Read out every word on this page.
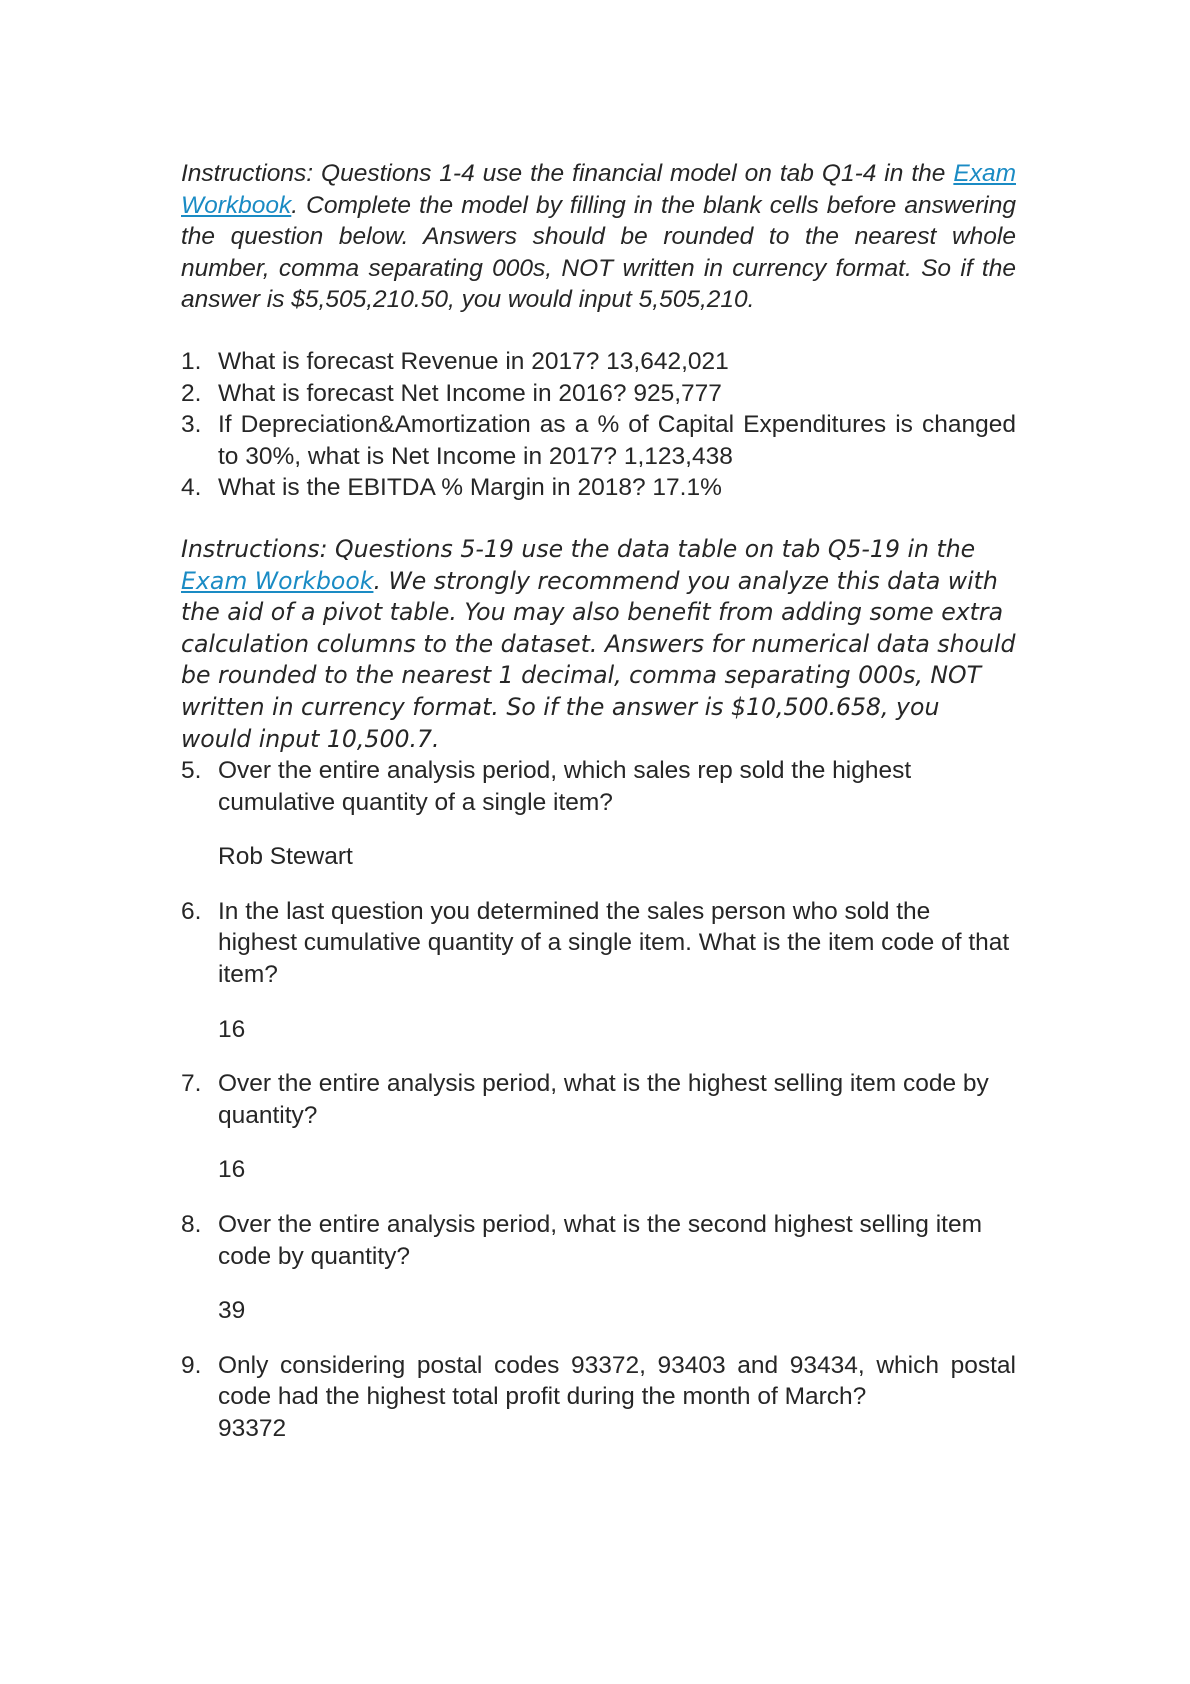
Instructions: Questions 1-4 use the financial model on tab Q1-4 in the Exam Workbook. Complete the model by filling in the blank cells before answering the question below. Answers should be rounded to the nearest whole number, comma separating 000s, NOT written in currency format. So if the answer is $5,505,210.50, you would input 5,505,210.

1. What is forecast Revenue in 2017? 13,642,021
2. What is forecast Net Income in 2016? 925,777
3. If Depreciation&Amortization as a % of Capital Expenditures is changed to 30%, what is Net Income in 2017? 1,123,438
4. What is the EBITDA % Margin in 2018? 17.1%

Instructions: Questions 5-19 use the data table on tab Q5-19 in the Exam Workbook. We strongly recommend you analyze this data with the aid of a pivot table. You may also benefit from adding some extra calculation columns to the dataset. Answers for numerical data should be rounded to the nearest 1 decimal, comma separating 000s, NOT written in currency format. So if the answer is $10,500.658, you would input 10,500.7.

5. Over the entire analysis period, which sales rep sold the highest cumulative quantity of a single item?
Rob Stewart
6. In the last question you determined the sales person who sold the highest cumulative quantity of a single item. What is the item code of that item?
16
7. Over the entire analysis period, what is the highest selling item code by quantity?
16
8. Over the entire analysis period, what is the second highest selling item code by quantity?
39
9. Only considering postal codes 93372, 93403 and 93434, which postal code had the highest total profit during the month of March?
93372
